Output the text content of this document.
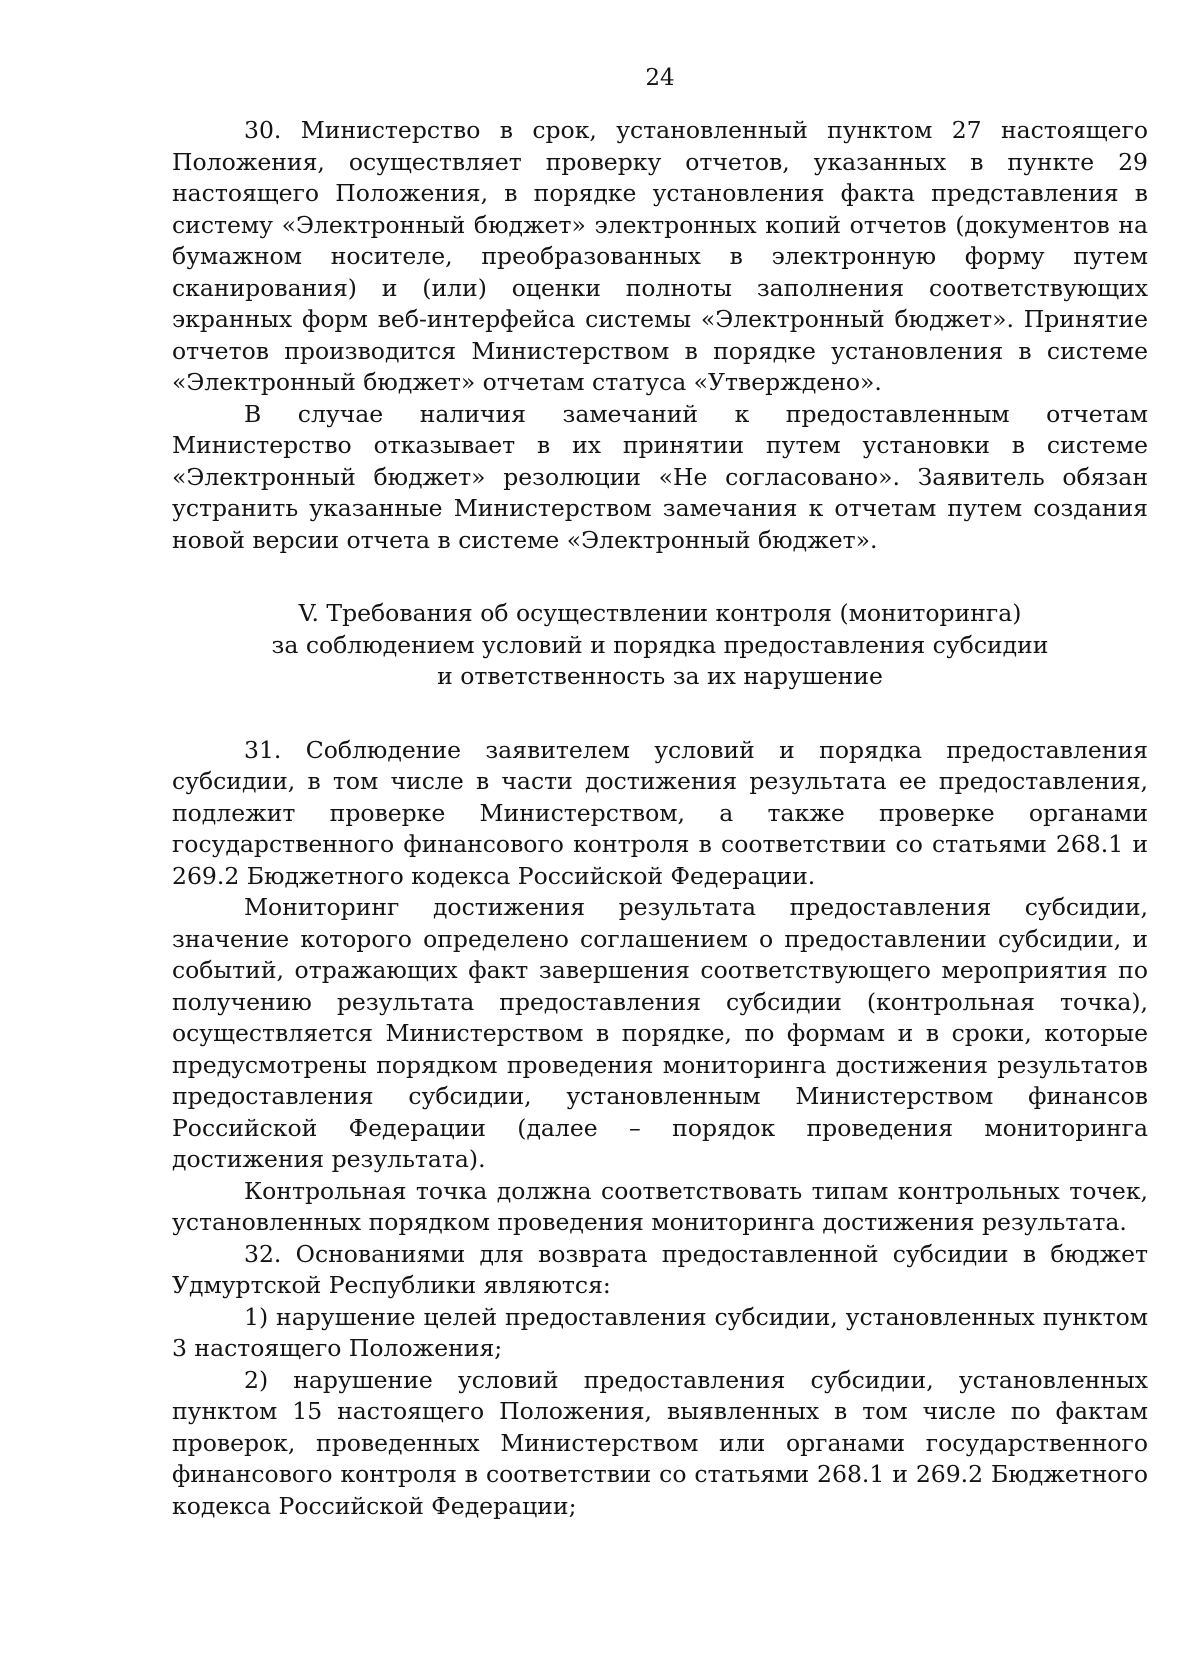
24

30. Министерство в срок, установленный пунктом 27 настоящего Положения, осуществляет проверку отчетов, указанных в пункте 29 настоящего Положения, в порядке установления факта представления в систему «Электронный бюджет» электронных копий отчетов (документов на бумажном носителе, преобразованных в электронную форму путем сканирования) и (или) оценки полноты заполнения соответствующих экранных форм веб-интерфейса системы «Электронный бюджет». Принятие отчетов производится Министерством в порядке установления в системе «Электронный бюджет» отчетам статуса «Утверждено».

В случае наличия замечаний к предоставленным отчетам Министерство отказывает в их принятии путем установки в системе «Электронный бюджет» резолюции «Не согласовано». Заявитель обязан устранить указанные Министерством замечания к отчетам путем создания новой версии отчета в системе «Электронный бюджет».

V. Требования об осуществлении контроля (мониторинга)
за соблюдением условий и порядка предоставления субсидии
и ответственность за их нарушение

31. Соблюдение заявителем условий и порядка предоставления субсидии, в том числе в части достижения результата ее предоставления, подлежит проверке Министерством, а также проверке органами государственного финансового контроля в соответствии со статьями 268.1 и 269.2 Бюджетного кодекса Российской Федерации.

Мониторинг достижения результата предоставления субсидии, значение которого определено соглашением о предоставлении субсидии, и событий, отражающих факт завершения соответствующего мероприятия по получению результата предоставления субсидии (контрольная точка), осуществляется Министерством в порядке, по формам и в сроки, которые предусмотрены порядком проведения мониторинга достижения результатов предоставления субсидии, установленным Министерством финансов Российской Федерации (далее – порядок проведения мониторинга достижения результата).

Контрольная точка должна соответствовать типам контрольных точек, установленных порядком проведения мониторинга достижения результата.

32. Основаниями для возврата предоставленной субсидии в бюджет Удмуртской Республики являются:

1) нарушение целей предоставления субсидии, установленных пунктом 3 настоящего Положения;

2) нарушение условий предоставления субсидии, установленных пунктом 15 настоящего Положения, выявленных в том числе по фактам проверок, проведенных Министерством или органами государственного финансового контроля в соответствии со статьями 268.1 и 269.2 Бюджетного кодекса Российской Федерации;
